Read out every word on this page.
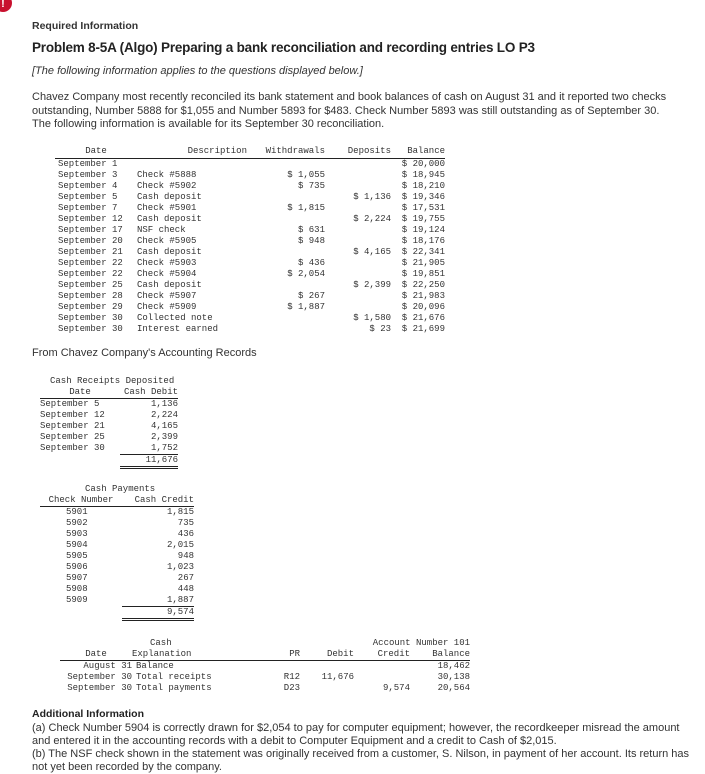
!
Required Information
Problem 8-5A (Algo) Preparing a bank reconciliation and recording entries LO P3
[The following information applies to the questions displayed below.]
Chavez Company most recently reconciled its bank statement and book balances of cash on August 31 and it reported two checks outstanding, Number 5888 for $1,055 and Number 5893 for $483. Check Number 5893 was still outstanding as of September 30. The following information is available for its September 30 reconciliation.
Date	Description	Withdrawals	Deposits	Balance
September 1				$ 20,000
September 3	Check #5888	$ 1,055		$ 18,945
September 4	Check #5902	$ 735		$ 18,210
September 5	Cash deposit		$ 1,136	$ 19,346
September 7	Check #5901	$ 1,815		$ 17,531
September 12	Cash deposit		$ 2,224	$ 19,755
September 17	NSF check	$ 631		$ 19,124
September 20	Check #5905	$ 948		$ 18,176
September 21	Cash deposit		$ 4,165	$ 22,341
September 22	Check #5903	$ 436		$ 21,905
September 22	Check #5904	$ 2,054		$ 19,851
September 25	Cash deposit		$ 2,399	$ 22,250
September 28	Check #5907	$ 267		$ 21,983
September 29	Check #5909	$ 1,887		$ 20,096
September 30	Collected note		$ 1,580	$ 21,676
September 30	Interest earned		$ 23	$ 21,699
From Chavez Company's Accounting Records
Cash Receipts Deposited	
Date	Cash Debit
September 5	1,136
September 12	2,224
September 21	4,165
September 25	2,399
September 30	1,752
	11,676
Cash Payments	
Check Number	Cash Credit
5901	1,815
5902	735
5903	436
5904	2,015
5905	948
5906	1,023
5907	267
5908	448
5909	1,887
	9,574
	Cash			Account Number 101	
Date	Explanation	PR	Debit	Credit	Balance
August 31	Balance				18,462
September 30	Total receipts	R12	11,676		30,138
September 30	Total payments	D23		9,574	20,564
Additional Information
(a) Check Number 5904 is correctly drawn for $2,054 to pay for computer equipment; however, the recordkeeper misread the amount and entered it in the accounting records with a debit to Computer Equipment and a credit to Cash of $2,015.
(b) The NSF check shown in the statement was originally received from a customer, S. Nilson, in payment of her account. Its return has not yet been recorded by the company.
